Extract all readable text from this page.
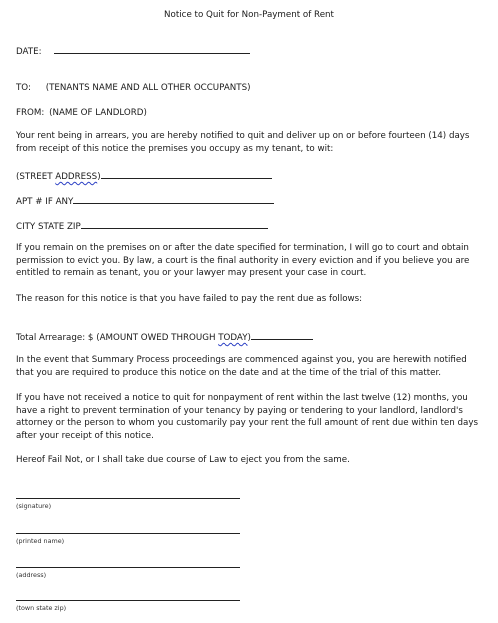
Notice to Quit for Non-Payment of Rent
DATE:
TO: (TENANTS NAME AND ALL OTHER OCCUPANTS)
FROM: (NAME OF LANDLORD)
Your rent being in arrears, you are hereby notified to quit and deliver up on or before fourteen (14) days from receipt of this notice the premises you occupy as my tenant, to wit:
(STREET ADDRESS)
APT # IF ANY
CITY STATE ZIP
If you remain on the premises on or after the date specified for termination, I will go to court and obtain permission to evict you. By law, a court is the final authority in every eviction and if you believe you are entitled to remain as tenant, you or your lawyer may present your case in court.
The reason for this notice is that you have failed to pay the rent due as follows:
Total Arrearage: $ (AMOUNT OWED THROUGH TODAY)
In the event that Summary Process proceedings are commenced against you, you are herewith notified that you are required to produce this notice on the date and at the time of the trial of this matter.
If you have not received a notice to quit for nonpayment of rent within the last twelve (12) months, you have a right to prevent termination of your tenancy by paying or tendering to your landlord, landlord's attorney or the person to whom you customarily pay your rent the full amount of rent due within ten days after your receipt of this notice.
Hereof Fail Not, or I shall take due course of Law to eject you from the same.
(signature)
(printed name)
(address)
(town state zip)
